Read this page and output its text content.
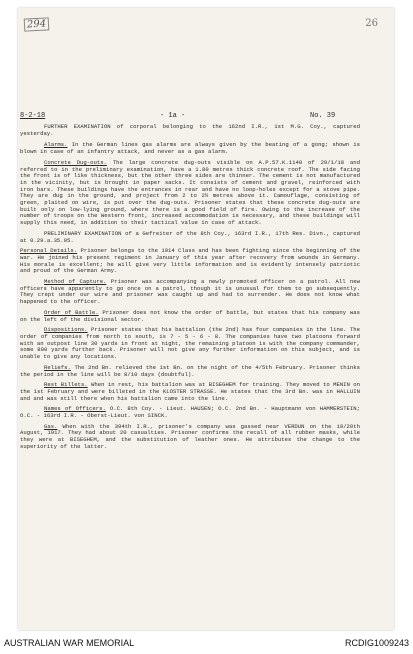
294	26
8-2-18	- 1a -	No. 39

FURTHER EXAMINATION of corporal belonging to the 162nd I.R., 1st M.G. Coy., captured yesterday.

Alarms. In the German lines gas alarms are always given by the beating of a gong; shown is blown in case of an infantry attack, and never as a gas alarm.

Concrete Dug-outs. The large concrete dug-outs visible on A.P.57.K.1140 of 29/1/18 and referred to in the preliminary examination, have a 1.80 metres thick concrete roof. The side facing the front is of like thickness, but the other three sides are thinner. The cement is not manufactured in the vicinity, but is brought in paper sacks. It consists of cement and gravel, reinforced with iron bars. These buildings have the entrances in rear and have no loop-holes except for a stove pipe. They are dug in the ground, and project from 2 to 2½ metres above it. Camouflage, consisting of green, plaited on wire, is put over the dug-outs. Prisoner states that these concrete dug-outs are built only on low-lying ground, where there is a good field of fire. Owing to the increase of the number of troops on the Western front, increased accommodation is necessary, and these buildings will supply this need, in addition to their tactical value in case of attack.

PRELIMINARY EXAMINATION of a Gefreiter of the 8th Coy., 163rd I.R., 17th Res. Divn., captured at 0.29.a.35.95.

Personal Details. Prisoner belongs to the 1914 Class and has been fighting since the beginning of the war. He joined his present regiment in January of this year after recovery from wounds in Germany. His morale is excellent; he will give very little information and is evidently intensely patriotic and proud of the German Army.

Method of Capture. Prisoner was accompanying a newly promoted officer on a patrol. All new officers have apparently to go once on a patrol, though it is unusual for them to go subsequently. They crept under our wire and prisoner was caught up and had to surrender. He does not know what happened to the officer.

Order of Battle. Prisoner does not know the order of battle, but states that his company was on the left of the divisional sector.

Dispositions. Prisoner states that his battalion (the 2nd) has four companies in the line. The order of companies from north to south, is 7 - 5 - 6 - 8. The companies have two platoons forward with an outpost line 30 yards in front at night, the remaining platoon is with the company commander, some 800 yards further back. Prisoner will not give any further information on this subject, and is unable to give any locations.

Reliefs. The 2nd Bn. relieved the 1st Bn. on the night of the 4/5th February. Prisoner thinks the period in the line will be 8/10 days (doubtful).

Rest Billets. When in rest, his battalion was at BISEGHEM for training. They moved to MENIN on the 1st February and were billeted in the KLOSTER STRASSE. He states that the 3rd Bn. was in HALLUIN and and was still there when his battalion came into the line.

Names of Officers. O.C. 8th Coy. - Lieut. HAUSEN; O.C. 2nd Bn. - Hauptmann von HAMMERSTEIN; O.C. - 163rd I.R. - Oberst-Lieut. von SINCK.

Gas. When with the 394th I.R., prisoner's company was gassed near VERDUN on the 19/20th August, 1917. They had about 20 casualties. Prisoner confirms the recall of all rubber masks, while they were at BISEGHEM, and the substitution of leather ones. He attributes the change to the superiority of the latter.

AUSTRALIAN WAR MEMORIAL	RCDIG1009243
